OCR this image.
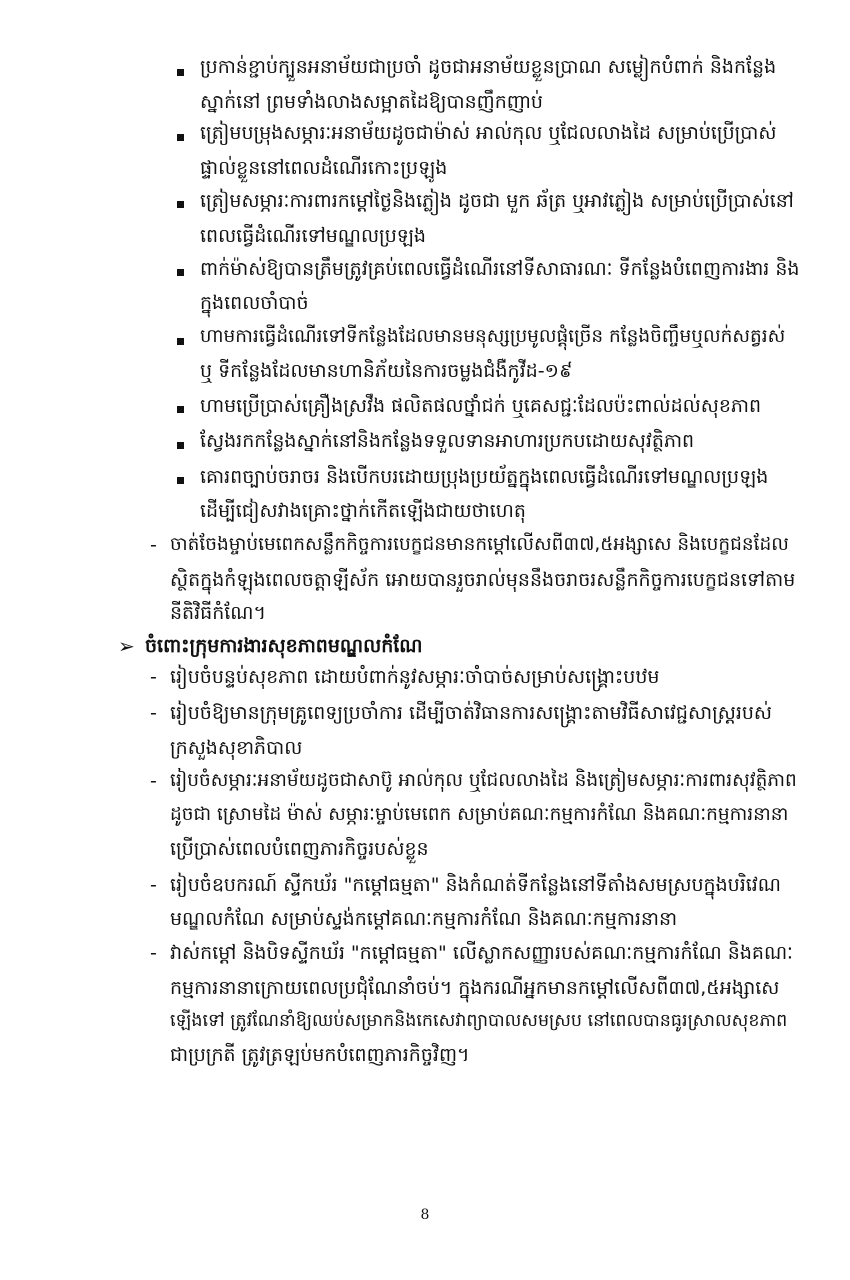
ប្រកាន់ខ្ជាប់ក្បួនអនាម័យជាប្រចាំ ដូចជាអនាម័យខ្លួនប្រាណ សម្លៀកបំពាក់ និងកន្លែង
ស្នាក់នៅ ព្រមទាំងលាងសម្អាតដៃឱ្យបានញឹកញាប់
ត្រៀមបម្រុងសម្ភារៈអនាម័យដូចជាម៉ាស់ អាល់កុល ឬជែលលាងដៃ សម្រាប់ប្រើប្រាស់
ផ្ទាល់ខ្លួននៅពេលដំណើរកោះប្រឡូង
ត្រៀមសម្ភារៈការពារកម្ដៅថ្ងៃនិងភ្លៀង ដូចជា មួក ឆ័ត្រ ឬអាវភ្លៀង សម្រាប់ប្រើប្រាស់នៅ
ពេលធ្វើដំណើរទៅមណ្ឌលប្រឡង
ពាក់ម៉ាស់ឱ្យបានត្រឹមត្រូវគ្រប់ពេលធ្វើដំណើរនៅទីសាធារណៈ ទីកន្លែងបំពេញការងារ និង
ក្នុងពេលចាំបាច់
ហាមការធ្វើដំណើរទៅទីកន្លែងដែលមានមនុស្សប្រមូលផ្ដុំច្រើន កន្លែងចិញ្ចឹមឬលក់សត្វរស់
ឬ ទីកន្លែងដែលមានហានិភ័យនៃការចម្លងជំងឺកូវីដ-១៩
ហាមប្រើប្រាស់គ្រឿងស្រវឹង ផលិតផលថ្នាំជក់ ឬគេសជ្ជៈដែលប៉ះពាល់ដល់សុខភាព
ស្វែងរកកន្លែងស្នាក់នៅនិងកន្លែងទទួលទានអាហារប្រកបដោយសុវត្ថិភាព
គោរពច្បាប់ចរាចរ និងបើកបរដោយប្រុងប្រយ័ត្នក្នុងពេលធ្វើដំណើរទៅមណ្ឌលប្រឡង
ដើម្បីជៀសវាងគ្រោះថ្នាក់កើតឡើងជាយថាហេតុ
- ចាត់ចែងម្ចាប់មេពេកសន្លឹកកិច្ចការបេក្ខជនមានកម្ដៅលើសពី៣៧,៥អង្សាសេ និងបេក្ខជនដែល
ស្ថិតក្នុងកំឡុងពេលចត្តាឡីស័ក អោយបានរួចរាល់មុននឹងចរាចរសន្លឹកកិច្ចការបេក្ខជនទៅតាម
នីតិវិធីកំណែ។
➢ ចំពោះក្រុមការងារសុខភាពមណ្ឌលកំណែ
- រៀបចំបន្ទប់សុខភាព ដោយបំពាក់នូវសម្ភារៈចាំបាច់សម្រាប់សង្គ្រោះបឋម
- រៀបចំឱ្យមានក្រុមគ្រូពេទ្យប្រចាំការ ដើម្បីចាត់វិធានការសង្គ្រោះតាមវិធីសាវេជ្ជសាស្ត្ររបស់
ក្រសួងសុខាភិបាល
- រៀបចំសម្ភារៈអនាម័យដូចជាសាប៊ូ អាល់កុល ឬជែលលាងដៃ និងត្រៀមសម្ភារៈការពារសុវត្ថិភាព
ដូចជា ស្រោមដៃ ម៉ាស់ សម្ភារៈម្ចាប់មេពេក សម្រាប់គណៈកម្មការកំណែ និងគណៈកម្មការនានា
ប្រើប្រាស់ពេលបំពេញភារកិច្ចរបស់ខ្លួន
- រៀបចំឧបករណ៍ ស្ទីកឃ័រ "កម្ដៅធម្មតា" និងកំណត់ទីកន្លែងនៅទីតាំងសមស្របក្នុងបរិវេណ
មណ្ឌលកំណែ សម្រាប់ស្ទង់កម្ដៅគណៈកម្មការកំណែ និងគណៈកម្មការនានា
- វាស់កម្ដៅ និងបិទស្ទីកឃ័រ "កម្ដៅធម្មតា" លើស្លាកសញ្ញារបស់គណៈកម្មការកំណែ និងគណៈ
កម្មការនានាក្រោយពេលប្រជុំណែនាំចប់។ ក្នុងករណីអ្នកមានកម្ដៅលើសពី៣៧,៥អង្សាសេ
ឡើងទៅ ត្រូវណែនាំឱ្យឈប់សម្រាកនិងកេសេវាព្យាបាលសមស្រប នៅពេលបានធូរស្រាលសុខភាព
ជាប្រក្រតី ត្រូវត្រឡប់មកបំពេញភារកិច្ចវិញ។
8
